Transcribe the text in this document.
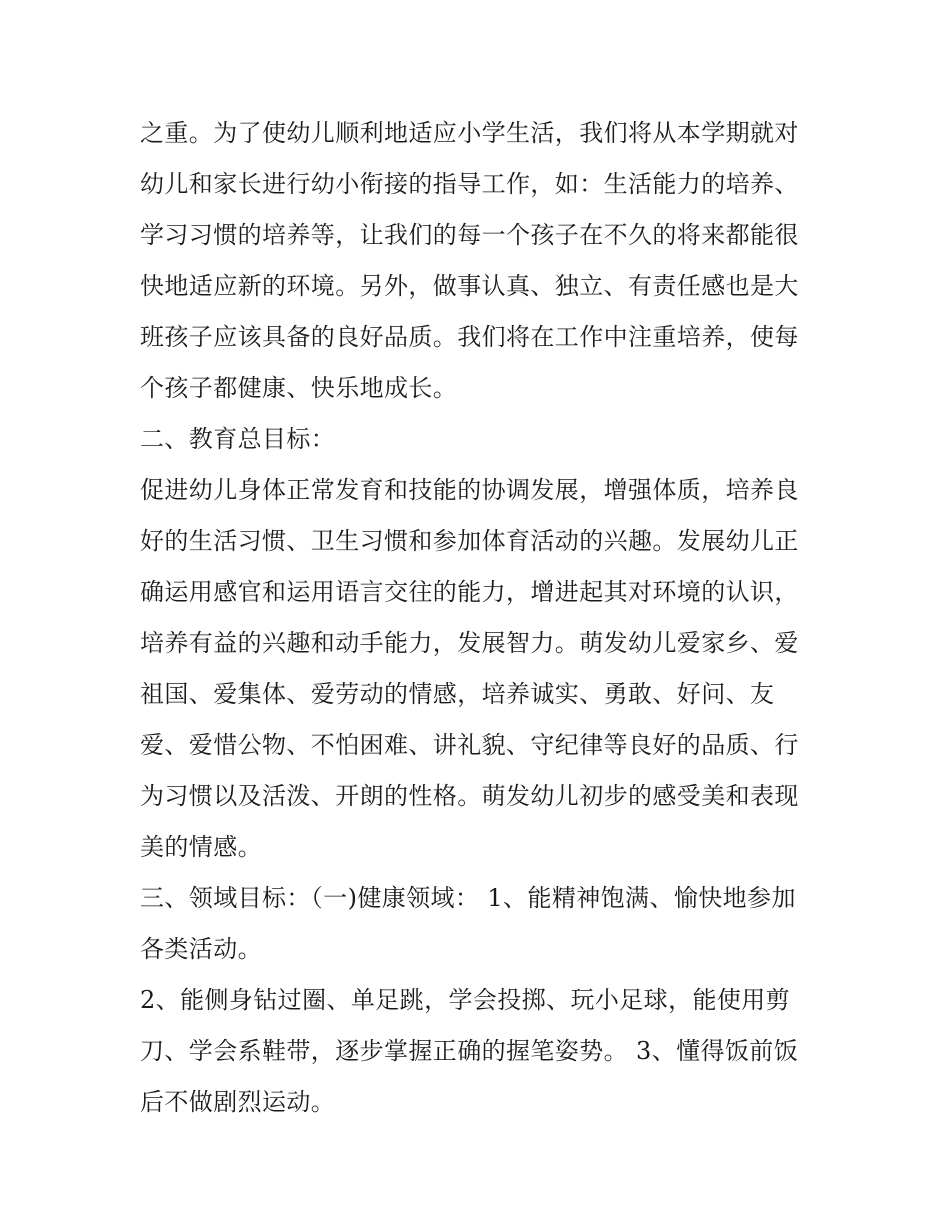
之重。为了使幼儿顺利地适应小学生活，我们将从本学期就对
幼儿和家长进行幼小衔接的指导工作，如：生活能力的培养、
学习习惯的培养等，让我们的每一个孩子在不久的将来都能很
快地适应新的环境。另外，做事认真、独立、有责任感也是大
班孩子应该具备的良好品质。我们将在工作中注重培养，使每
个孩子都健康、快乐地成长。
二、教育总目标：
促进幼儿身体正常发育和技能的协调发展，增强体质，培养良
好的生活习惯、卫生习惯和参加体育活动的兴趣。发展幼儿正
确运用感官和运用语言交往的能力，增进起其对环境的认识，
培养有益的兴趣和动手能力，发展智力。萌发幼儿爱家乡、爱
祖国、爱集体、爱劳动的情感，培养诚实、勇敢、好问、友
爱、爱惜公物、不怕困难、讲礼貌、守纪律等良好的品质、行
为习惯以及活泼、开朗的性格。萌发幼儿初步的感受美和表现
美的情感。
三、领域目标：（一)健康领域： 1、能精神饱满、愉快地参加
各类活动。
2、能侧身钻过圈、单足跳，学会投掷、玩小足球，能使用剪
刀、学会系鞋带，逐步掌握正确的握笔姿势。 3、懂得饭前饭
后不做剧烈运动。
